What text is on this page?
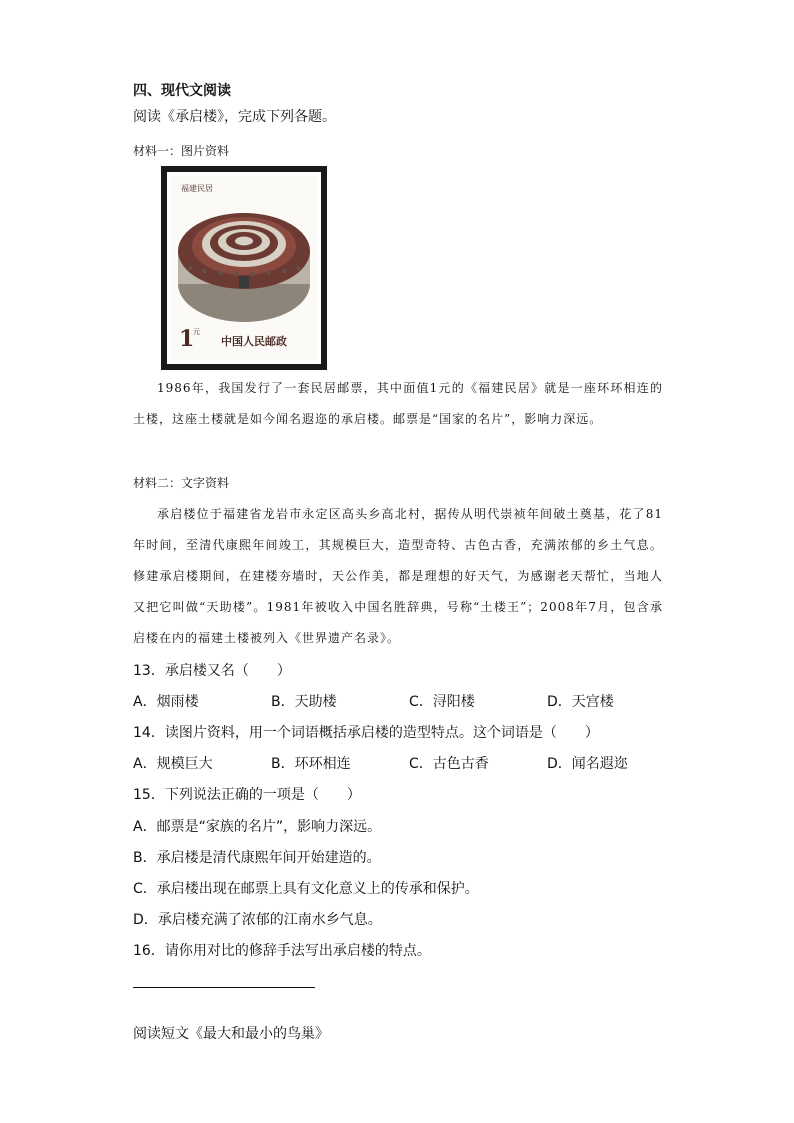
四、现代文阅读
阅读《承启楼》，完成下列各题。
材料一：图片资料
福建民居
1
元
中国人民邮政

1986年，我国发行了一套民居邮票，其中面值1元的《福建民居》就是一座环环相连的土楼，这座土楼就是如今闻名遐迩的承启楼。邮票是“国家的名片”，影响力深远。

材料二：文字资料

承启楼位于福建省龙岩市永定区高头乡高北村，据传从明代崇祯年间破土奠基，花了81年时间，至清代康熙年间竣工，其规模巨大，造型奇特、古色古香，充满浓郁的乡土气息。修建承启楼期间，在建楼夯墙时，天公作美，都是理想的好天气，为感谢老天帮忙，当地人又把它叫做“天助楼”。1981年被收入中国名胜辞典，号称“土楼王”；2008年7月，包含承启楼在内的福建土楼被列入《世界遗产名录》。

13．承启楼又名（　　）
A．烟雨楼	B．天助楼	C．浔阳楼	D．天宫楼
14．读图片资料，用一个词语概括承启楼的造型特点。这个词语是（　　）
A．规模巨大	B．环环相连	C．古色古香	D．闻名遐迩
15．下列说法正确的一项是（　　）
A．邮票是“家族的名片”，影响力深远。
B．承启楼是清代康熙年间开始建造的。
C．承启楼出现在邮票上具有文化意义上的传承和保护。
D．承启楼充满了浓郁的江南水乡气息。
16．请你用对比的修辞手法写出承启楼的特点。
阅读短文《最大和最小的鸟巢》
